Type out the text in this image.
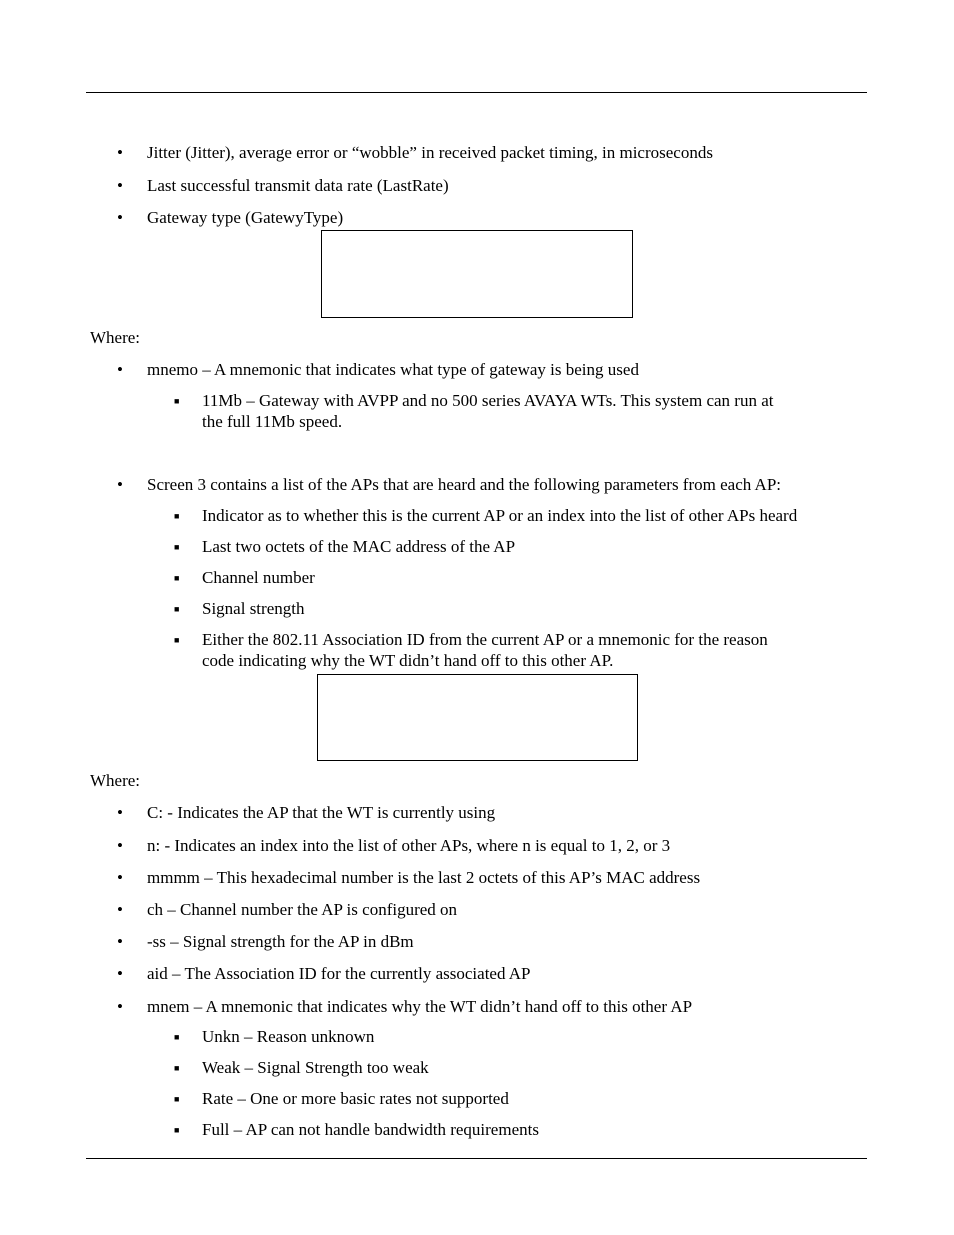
• Jitter (Jitter), average error or “wobble” in received packet timing, in microseconds
• Last successful transmit data rate (LastRate)
• Gateway type (GatewyType)
Where:
• mnemo – A mnemonic that indicates what type of gateway is being used
■ 11Mb – Gateway with AVPP and no 500 series AVAYA WTs. This system can run at
the full 11Mb speed.
• Screen 3 contains a list of the APs that are heard and the following parameters from each AP:
■ Indicator as to whether this is the current AP or an index into the list of other APs heard
■ Last two octets of the MAC address of the AP
■ Channel number
■ Signal strength
■ Either the 802.11 Association ID from the current AP or a mnemonic for the reason
code indicating why the WT didn’t hand off to this other AP.
Where:
• C: - Indicates the AP that the WT is currently using
• n: - Indicates an index into the list of other APs, where n is equal to 1, 2, or 3
• mmmm – This hexadecimal number is the last 2 octets of this AP’s MAC address
• ch – Channel number the AP is configured on
• -ss – Signal strength for the AP in dBm
• aid – The Association ID for the currently associated AP
• mnem – A mnemonic that indicates why the WT didn’t hand off to this other AP
■ Unkn – Reason unknown
■ Weak – Signal Strength too weak
■ Rate – One or more basic rates not supported
■ Full – AP can not handle bandwidth requirements
